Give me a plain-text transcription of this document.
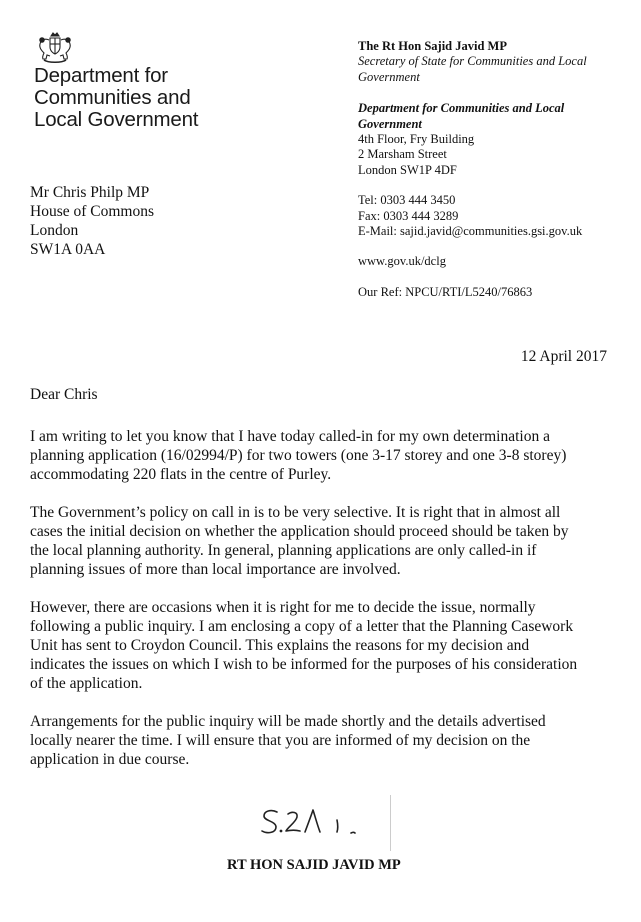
Department for
Communities and
Local Government
The Rt Hon Sajid Javid MP
Secretary of State for Communities and Local
Government
Department for Communities and Local
Government
4th Floor, Fry Building
2 Marsham Street
London SW1P 4DF
Tel: 0303 444 3450
Fax: 0303 444 3289
E-Mail: sajid.javid@communities.gsi.gov.uk
www.gov.uk/dclg
Our Ref: NPCU/RTI/L5240/76863
Mr Chris Philp MP
House of Commons
London
SW1A 0AA
12 April 2017
Dear Chris

I am writing to let you know that I have today called-in for my own determination a
planning application (16/02994/P) for two towers (one 3-17 storey and one 3-8 storey)
accommodating 220 flats in the centre of Purley.

The Government’s policy on call in is to be very selective. It is right that in almost all
cases the initial decision on whether the application should proceed should be taken by
the local planning authority. In general, planning applications are only called-in if
planning issues of more than local importance are involved.

However, there are occasions when it is right for me to decide the issue, normally
following a public inquiry. I am enclosing a copy of a letter that the Planning Casework
Unit has sent to Croydon Council. This explains the reasons for my decision and
indicates the issues on which I wish to be informed for the purposes of his consideration
of the application.

Arrangements for the public inquiry will be made shortly and the details advertised
locally nearer the time. I will ensure that you are informed of my decision on the
application in due course.

RT HON SAJID JAVID MP
